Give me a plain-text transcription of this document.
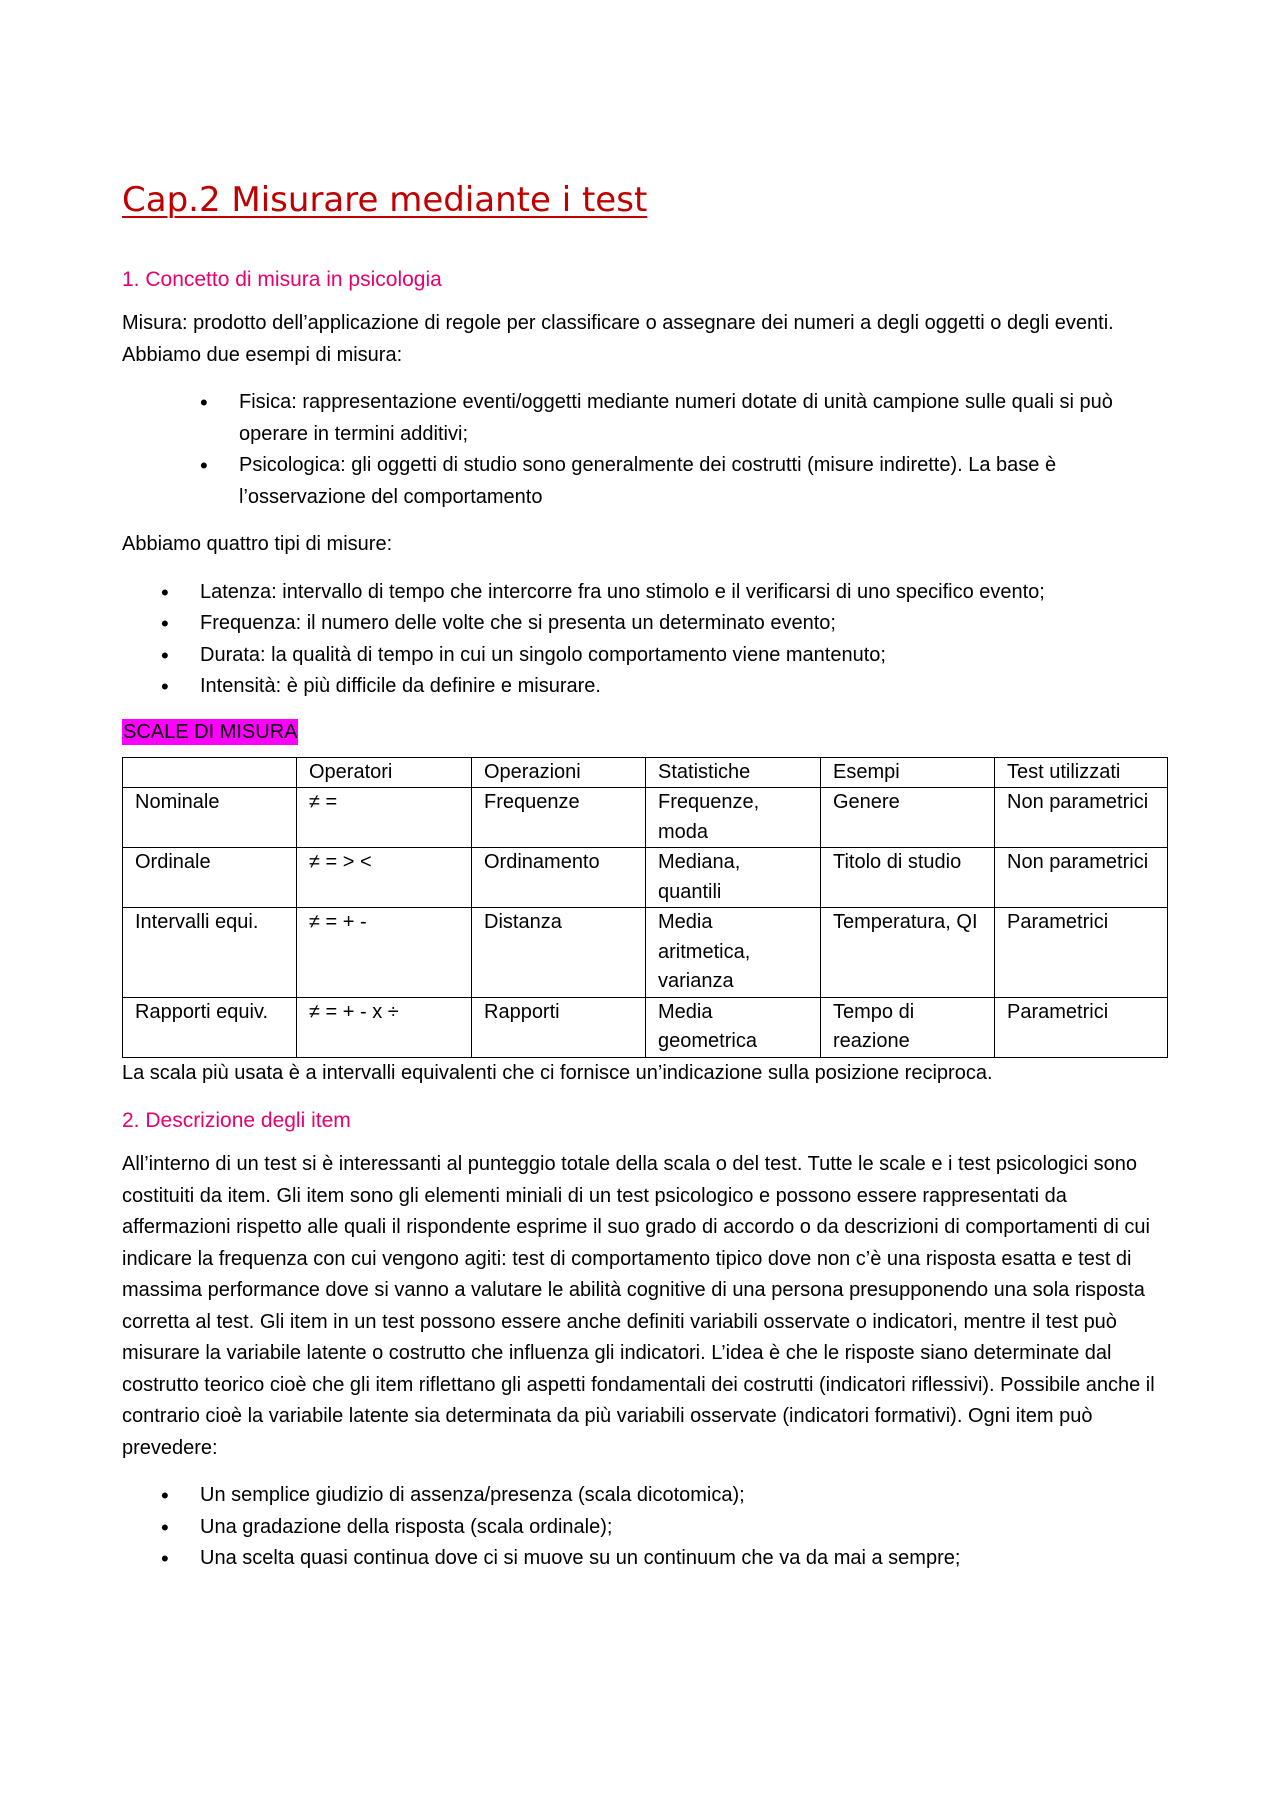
Cap.2 Misurare mediante i test
1. Concetto di misura in psicologia

Misura: prodotto dell’applicazione di regole per classificare o assegnare dei numeri a degli oggetti o degli eventi. Abbiamo due esempi di misura:

• Fisica: rappresentazione eventi/oggetti mediante numeri dotate di unità campione sulle quali si può operare in termini additivi;
• Psicologica: gli oggetti di studio sono generalmente dei costrutti (misure indirette). La base è l’osservazione del comportamento

Abbiamo quattro tipi di misure:

• Latenza: intervallo di tempo che intercorre fra uno stimolo e il verificarsi di uno specifico evento;
• Frequenza: il numero delle volte che si presenta un determinato evento;
• Durata: la qualità di tempo in cui un singolo comportamento viene mantenuto;
• Intensità: è più difficile da definire e misurare.
SCALE DI MISURA
	Operatori	Operazioni	Statistiche	Esempi	Test utilizzati
Nominale	≠ =	Frequenze	Frequenze, moda	Genere	Non parametrici
Ordinale	≠ = > <	Ordinamento	Mediana, quantili	Titolo di studio	Non parametrici
Intervalli equi.	≠ = + -	Distanza	Media aritmetica, varianza	Temperatura, QI	Parametrici
Rapporti equiv.	≠ = + - x ÷	Rapporti	Media geometrica	Tempo di reazione	Parametrici

La scala più usata è a intervalli equivalenti che ci fornisce un’indicazione sulla posizione reciproca.

2. Descrizione degli item

All’interno di un test si è interessanti al punteggio totale della scala o del test. Tutte le scale e i test psicologici sono costituiti da item. Gli item sono gli elementi miniali di un test psicologico e possono essere rappresentati da affermazioni rispetto alle quali il rispondente esprime il suo grado di accordo o da descrizioni di comportamenti di cui indicare la frequenza con cui vengono agiti: test di comportamento tipico dove non c’è una risposta esatta e test di massima performance dove si vanno a valutare le abilità cognitive di una persona presupponendo una sola risposta corretta al test. Gli item in un test possono essere anche definiti variabili osservate o indicatori, mentre il test può misurare la variabile latente o costrutto che influenza gli indicatori. L’idea è che le risposte siano determinate dal costrutto teorico cioè che gli item riflettano gli aspetti fondamentali dei costrutti (indicatori riflessivi). Possibile anche il contrario cioè la variabile latente sia determinata da più variabili osservate (indicatori formativi). Ogni item può prevedere:

• Un semplice giudizio di assenza/presenza (scala dicotomica);
• Una gradazione della risposta (scala ordinale);
• Una scelta quasi continua dove ci si muove su un continuum che va da mai a sempre;
